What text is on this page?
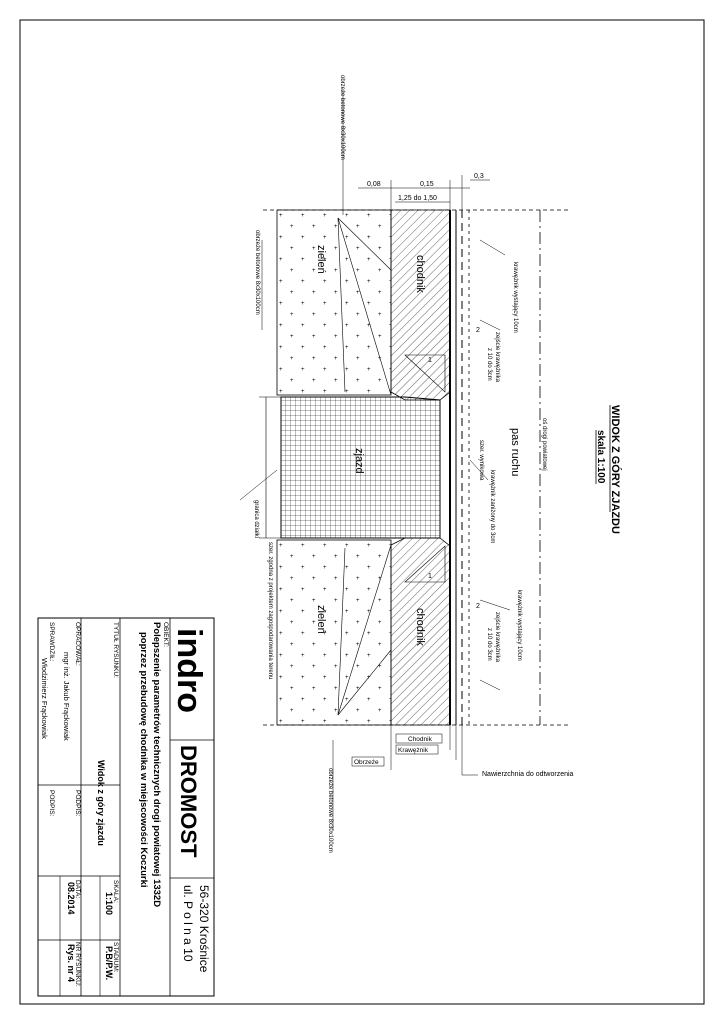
1
1
0,08	0,15
0,3
1,25 do 1,50
2
2
chodnik
chodnik
zieleń
zieleń
zjazd	pas ruchu
obrzeże betonowe 8x30x100cm
obrzeże betonowe 8x30x100cm
obrzeże betonowe 8x30x100cm
krawężnik wystający 10cm
zejście krawężnika
z 10 do 3cm
oś drogi powiatowej
szer. wynikowa
krawężnik zaniżony do 3cm
krawężnik wystający 10cm
zejście krawężnika
z 10 do 3cm
szer. zgodna z projektem zagospodarowania terenu
granica działki
Chodnik
Krawężnik
Obrzeże
Nawierzchnia do odtworzenia
WIDOK Z GÓRY ZJAZDU
skala 1:100
indro
DROMOST
56-320 Krośnice
ul. P o l n a 10
OBIEKT:
Polepszenie parametrów technicznych drogi powiatowej 1332D
poprzez przebudowę chodnika w miejscowości Koczurki
TYTUŁ RYSUNKU:
Widok z góry zjazdu
OPRACOWAŁ:
mgr inż. Jakub Frąckowiak
SPRAWDZIŁ:
Włodzimierz Frąckowiak
PODPIS:
PODPIS:
SKALA:
1:100
STADIUM:
P.B/P.W.
DATA:
08.2014
NR RYSUNKU:
Rys. nr 4
